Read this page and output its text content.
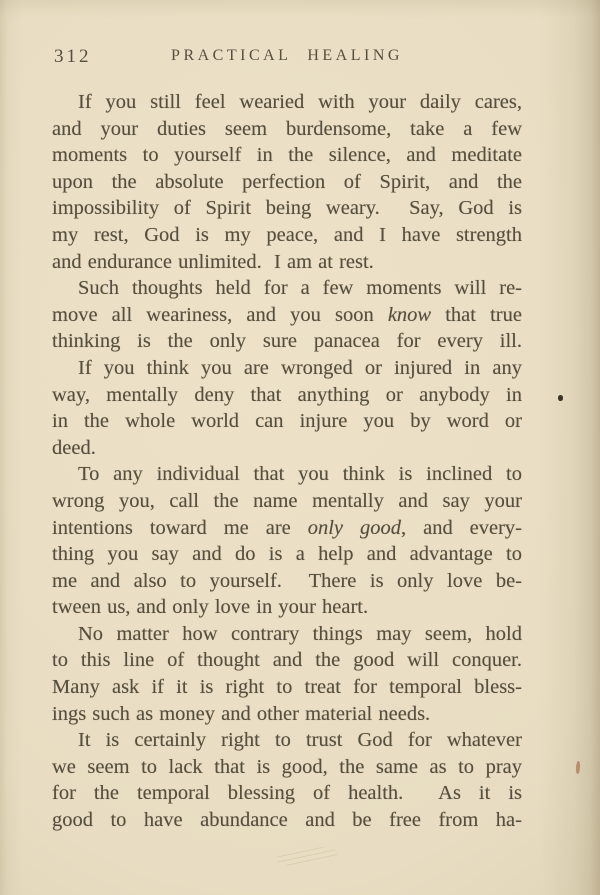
312	PRACTICAL HEALING
If you still feel wearied with your daily cares,
and your duties seem burdensome, take a few
moments to yourself in the silence, and meditate
upon the absolute perfection of Spirit, and the
impossibility of Spirit being weary.  Say, God is
my rest, God is my peace, and I have strength
and endurance unlimited.  I am at rest.
Such thoughts held for a few moments will re-
move all weariness, and you soon know that true
thinking is the only sure panacea for every ill.
If you think you are wronged or injured in any
way, mentally deny that anything or anybody in
in the whole world can injure you by word or
deed.
To any individual that you think is inclined to
wrong you, call the name mentally and say your
intentions toward me are only good, and every-
thing you say and do is a help and advantage to
me and also to yourself.  There is only love be-
tween us, and only love in your heart.
No matter how contrary things may seem, hold
to this line of thought and the good will conquer.
Many ask if it is right to treat for temporal bless-
ings such as money and other material needs.
It is certainly right to trust God for whatever
we seem to lack that is good, the same as to pray
for the temporal blessing of health.  As it is
good to have abundance and be free from ha-
